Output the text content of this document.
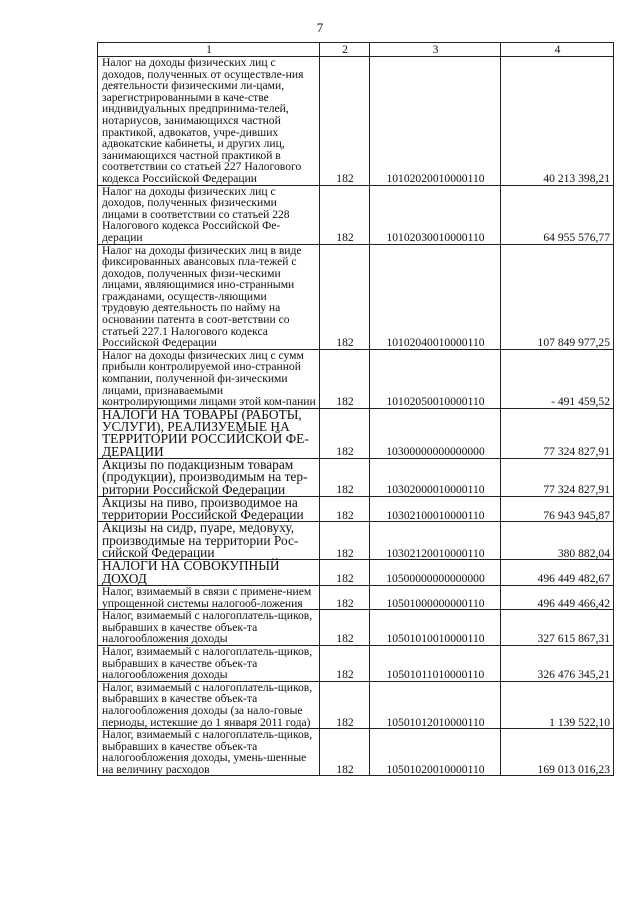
7
1	2	3	4
Налог на доходы физических лиц с доходов, полученных от осуществле-ния деятельности физическими ли-цами, зарегистрированными в каче-стве индивидуальных предпринима-телей, нотариусов, занимающихся частной практикой, адвокатов, учре-дивших адвокатские кабинеты, и других лиц, занимающихся частной практикой в соответствии со статьей 227 Налогового кодекса Российской Федерации	182	10102020010000110	40 213 398,21
Налог на доходы физических лиц с доходов, полученных физическими лицами в соответствии со статьей 228 Налогового кодекса Российской Фе-дерации	182	10102030010000110	64 955 576,77
Налог на доходы физических лиц в виде фиксированных авансовых пла-тежей с доходов, полученных физи-ческими лицами, являющимися ино-странными гражданами, осуществ-ляющими трудовую деятельность по найму на основании патента в соот-ветствии со статьей 227.1 Налогового кодекса Российской Федерации	182	10102040010000110	107 849 977,25
Налог на доходы физических лиц с сумм прибыли контролируемой ино-странной компании, полученной фи-зическими лицами, признаваемыми контролирующими лицами этой ком-пании	182	10102050010000110	- 491 459,52
НАЛОГИ НА ТОВАРЫ (РАБОТЫ, УСЛУГИ), РЕАЛИЗУЕМЫЕ НА ТЕРРИТОРИИ РОССИЙСКОЙ ФЕ-ДЕРАЦИИ	182	10300000000000000	77 324 827,91
Акцизы по подакцизным товарам (продукции), производимым на тер-ритории Российской Федерации	182	10302000010000110	77 324 827,91
Акцизы на пиво, производимое на территории Российской Федерации	182	10302100010000110	76 943 945,87
Акцизы на сидр, пуаре, медовуху, производимые на территории Рос-сийской Федерации	182	10302120010000110	380 882,04
НАЛОГИ НА СОВОКУПНЫЙ ДОХОД	182	10500000000000000	496 449 482,67
Налог, взимаемый в связи с примене-нием упрощенной системы налогооб-ложения	182	10501000000000110	496 449 466,42
Налог, взимаемый с налогоплатель-щиков, выбравших в качестве объек-та налогообложения доходы	182	10501010010000110	327 615 867,31
Налог, взимаемый с налогоплатель-щиков, выбравших в качестве объек-та налогообложения доходы	182	10501011010000110	326 476 345,21
Налог, взимаемый с налогоплатель-щиков, выбравших в качестве объек-та налогообложения доходы (за нало-говые периоды, истекшие до 1 января 2011 года)	182	10501012010000110	1 139 522,10
Налог, взимаемый с налогоплатель-щиков, выбравших в качестве объек-та налогообложения доходы, умень-шенные на величину расходов	182	10501020010000110	169 013 016,23
